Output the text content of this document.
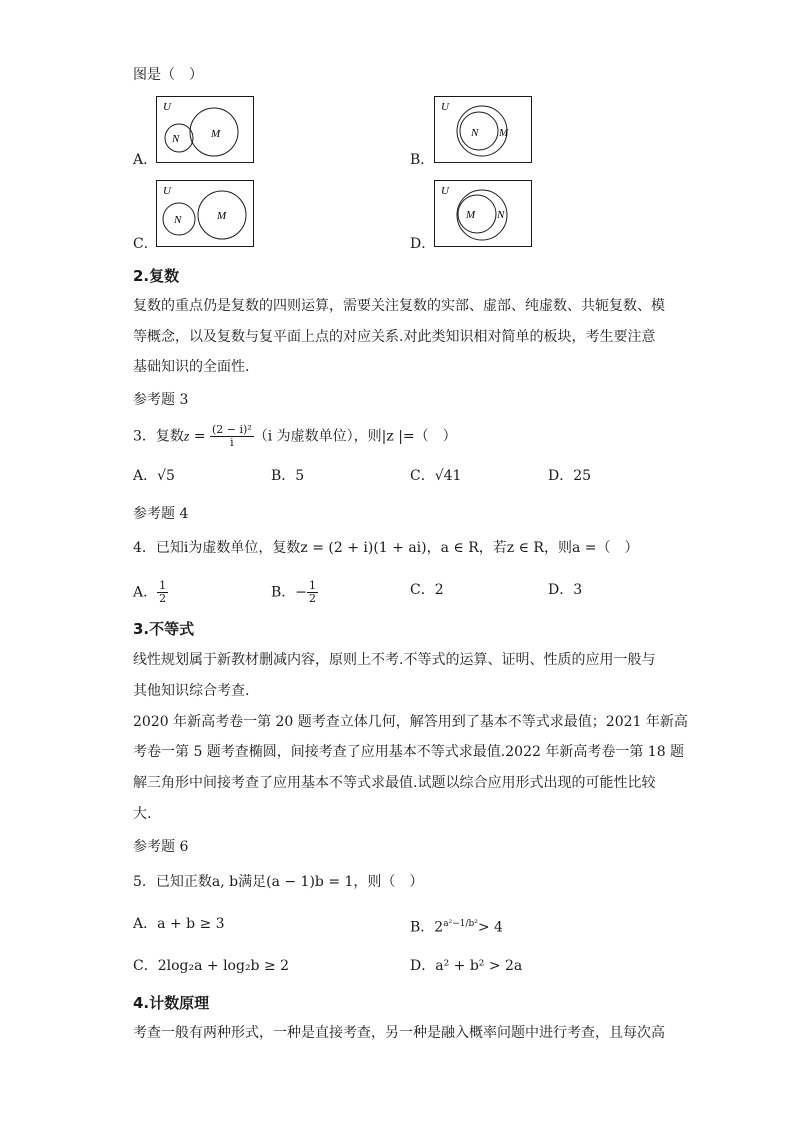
图是（　）
A．
U
M
N
B．
U
N M
C．
U
N	M
D．
U
M N
2.复数
复数的重点仍是复数的四则运算，需要关注复数的实部、虚部、纯虚数、共轭复数、模
等概念，以及复数与复平面上点的对应关系.对此类知识相对简单的板块，考生要注意
基础知识的全面性.
参考题 3
3．复数$z = \frac{\text{(2 − i)²}}{i} (i$ 为虚数单位），则|z |=（　）
A．√5	B．5	C．√41	D．25
参考题 4
4．已知i为虚数单位，复数z = (2 + i)(1 + ai)，a ∈ R，若z ∈ R，则a =（　）
A． $\frac{1}{2}$	B．− $\frac{1}{2}$	C．2	D．3
3.不等式
线性规划属于新教材删减内容，原则上不考.不等式的运算、证明、性质的应用一般与
其他知识综合考查.
2020 年新高考卷一第 20 题考查立体几何，解答用到了基本不等式求最值；2021 年新高
考卷一第 5 题考查椭圆，间接考查了应用基本不等式求最值.2022 年新高考卷一第 18 题
解三角形中间接考查了应用基本不等式求最值.试题以综合应用形式出现的可能性比较
大.
参考题 6
5．已知正数a, b满足(a − 1)b = 1，则（　）
A．a + b ≥ 3	B．$2^{a^2-1/b^2}> 4$
C．2log₂a + log₂b ≥ 2	D．a² + b² > 2a
4.计数原理
考查一般有两种形式，一种是直接考查，另一种是融入概率问题中进行考查，且每次高
